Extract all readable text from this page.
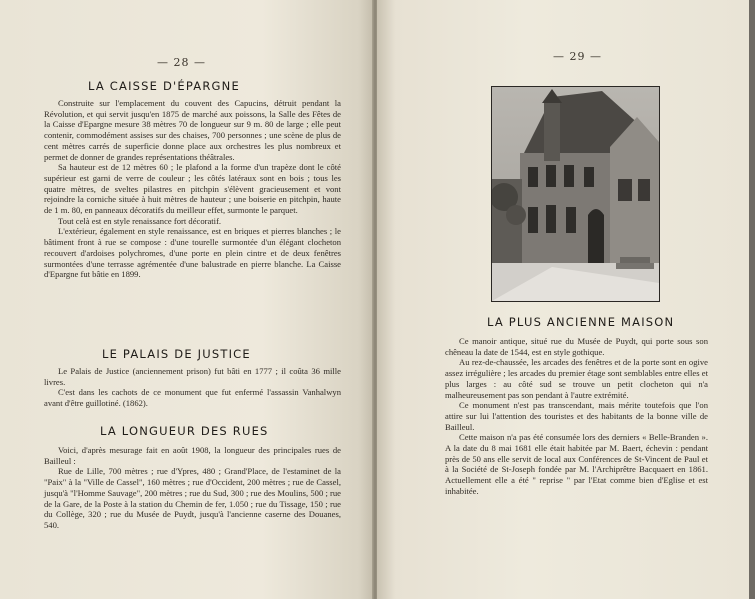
— 28 —
LA CAISSE D'ÉPARGNE

Construite sur l'emplacement du couvent des Capucins, détruit pendant la Révolution, et qui servit jusqu'en 1875 de marché aux poissons, la Salle des Fêtes de la Caisse d'Epargne mesure 38 mètres 70 de longueur sur 9 m. 80 de large ; elle peut contenir, commodément assises sur des chaises, 700 personnes ; une scène de plus de cent mètres carrés de superficie donne place aux orchestres les plus nombreux et permet de donner de grandes représentations théâtrales.

Sa hauteur est de 12 mètres 60 ; le plafond a la forme d'un trapèze dont le côté supérieur est garni de verre de couleur ; les côtés latéraux sont en bois ; tous les quatre mètres, de sveltes pilastres en pitchpin s'élèvent gracieusement et vont rejoindre la corniche située à huit mètres de hauteur ; une boiserie en pitchpin, haute de 1 m. 80, en panneaux décoratifs du meilleur effet, surmonte le parquet.

Tout celà est en style renaissance fort décoratif.

L'extérieur, également en style renaissance, est en briques et pierres blanches ; le bâtiment front à rue se compose : d'une tourelle surmontée d'un élégant clocheton recouvert d'ardoises polychromes, d'une porte en plein cintre et de deux fenêtres surmontées d'une terrasse agrémentée d'une balustrade en pierre blanche. La Caisse d'Epargne fut bâtie en 1899.

LE PALAIS DE JUSTICE

Le Palais de Justice (anciennement prison) fut bâti en 1777 ; il coûta 36 mille livres.

C'est dans les cachots de ce monument que fut enfermé l'assassin Vanhalwyn avant d'être guillotiné. (1862).

LA LONGUEUR DES RUES

Voici, d'après mesurage fait en août 1908, la longueur des principales rues de Bailleul :

Rue de Lille, 700 mètres ; rue d'Ypres, 480 ; Grand'Place, de l'estaminet de la "Paix" à la "Ville de Cassel", 160 mètres ; rue d'Occident, 200 mètres ; rue de Cassel, jusqu'à "l'Homme Sauvage", 200 mètres ; rue du Sud, 300 ; rue des Moulins, 500 ; rue de la Gare, de la Poste à la station du Chemin de fer, 1.050 ; rue du Tissage, 150 ; rue du Collège, 320 ; rue du Musée de Puydt, jusqu'à l'ancienne caserne des Douanes, 540.

— 29 —
LA PLUS ANCIENNE MAISON

Ce manoir antique, situé rue du Musée de Puydt, qui porte sous son chêneau la date de 1544, est en style gothique.

Au rez-de-chaussée, les arcades des fenêtres et de la porte sont en ogive assez irrégulière ; les arcades du premier étage sont semblables entre elles et plus larges : au côté sud se trouve un petit clocheton qui n'a malheureusement pas son pendant à l'autre extrémité.

Ce monument n'est pas transcendant, mais mérite toutefois que l'on attire sur lui l'attention des touristes et des habitants de la bonne ville de Bailleul.

Cette maison n'a pas été consumée lors des derniers « Belle-Branden ». A la date du 8 mai 1681 elle était habitée par M. Baert, échevin : pendant près de 50 ans elle servit de local aux Conférences de St-Vincent de Paul et à la Société de St-Joseph fondée par M. l'Archiprêtre Bacquaert en 1861. Actuellement elle a été " reprise " par l'Etat comme bien d'Eglise et est inhabitée.
